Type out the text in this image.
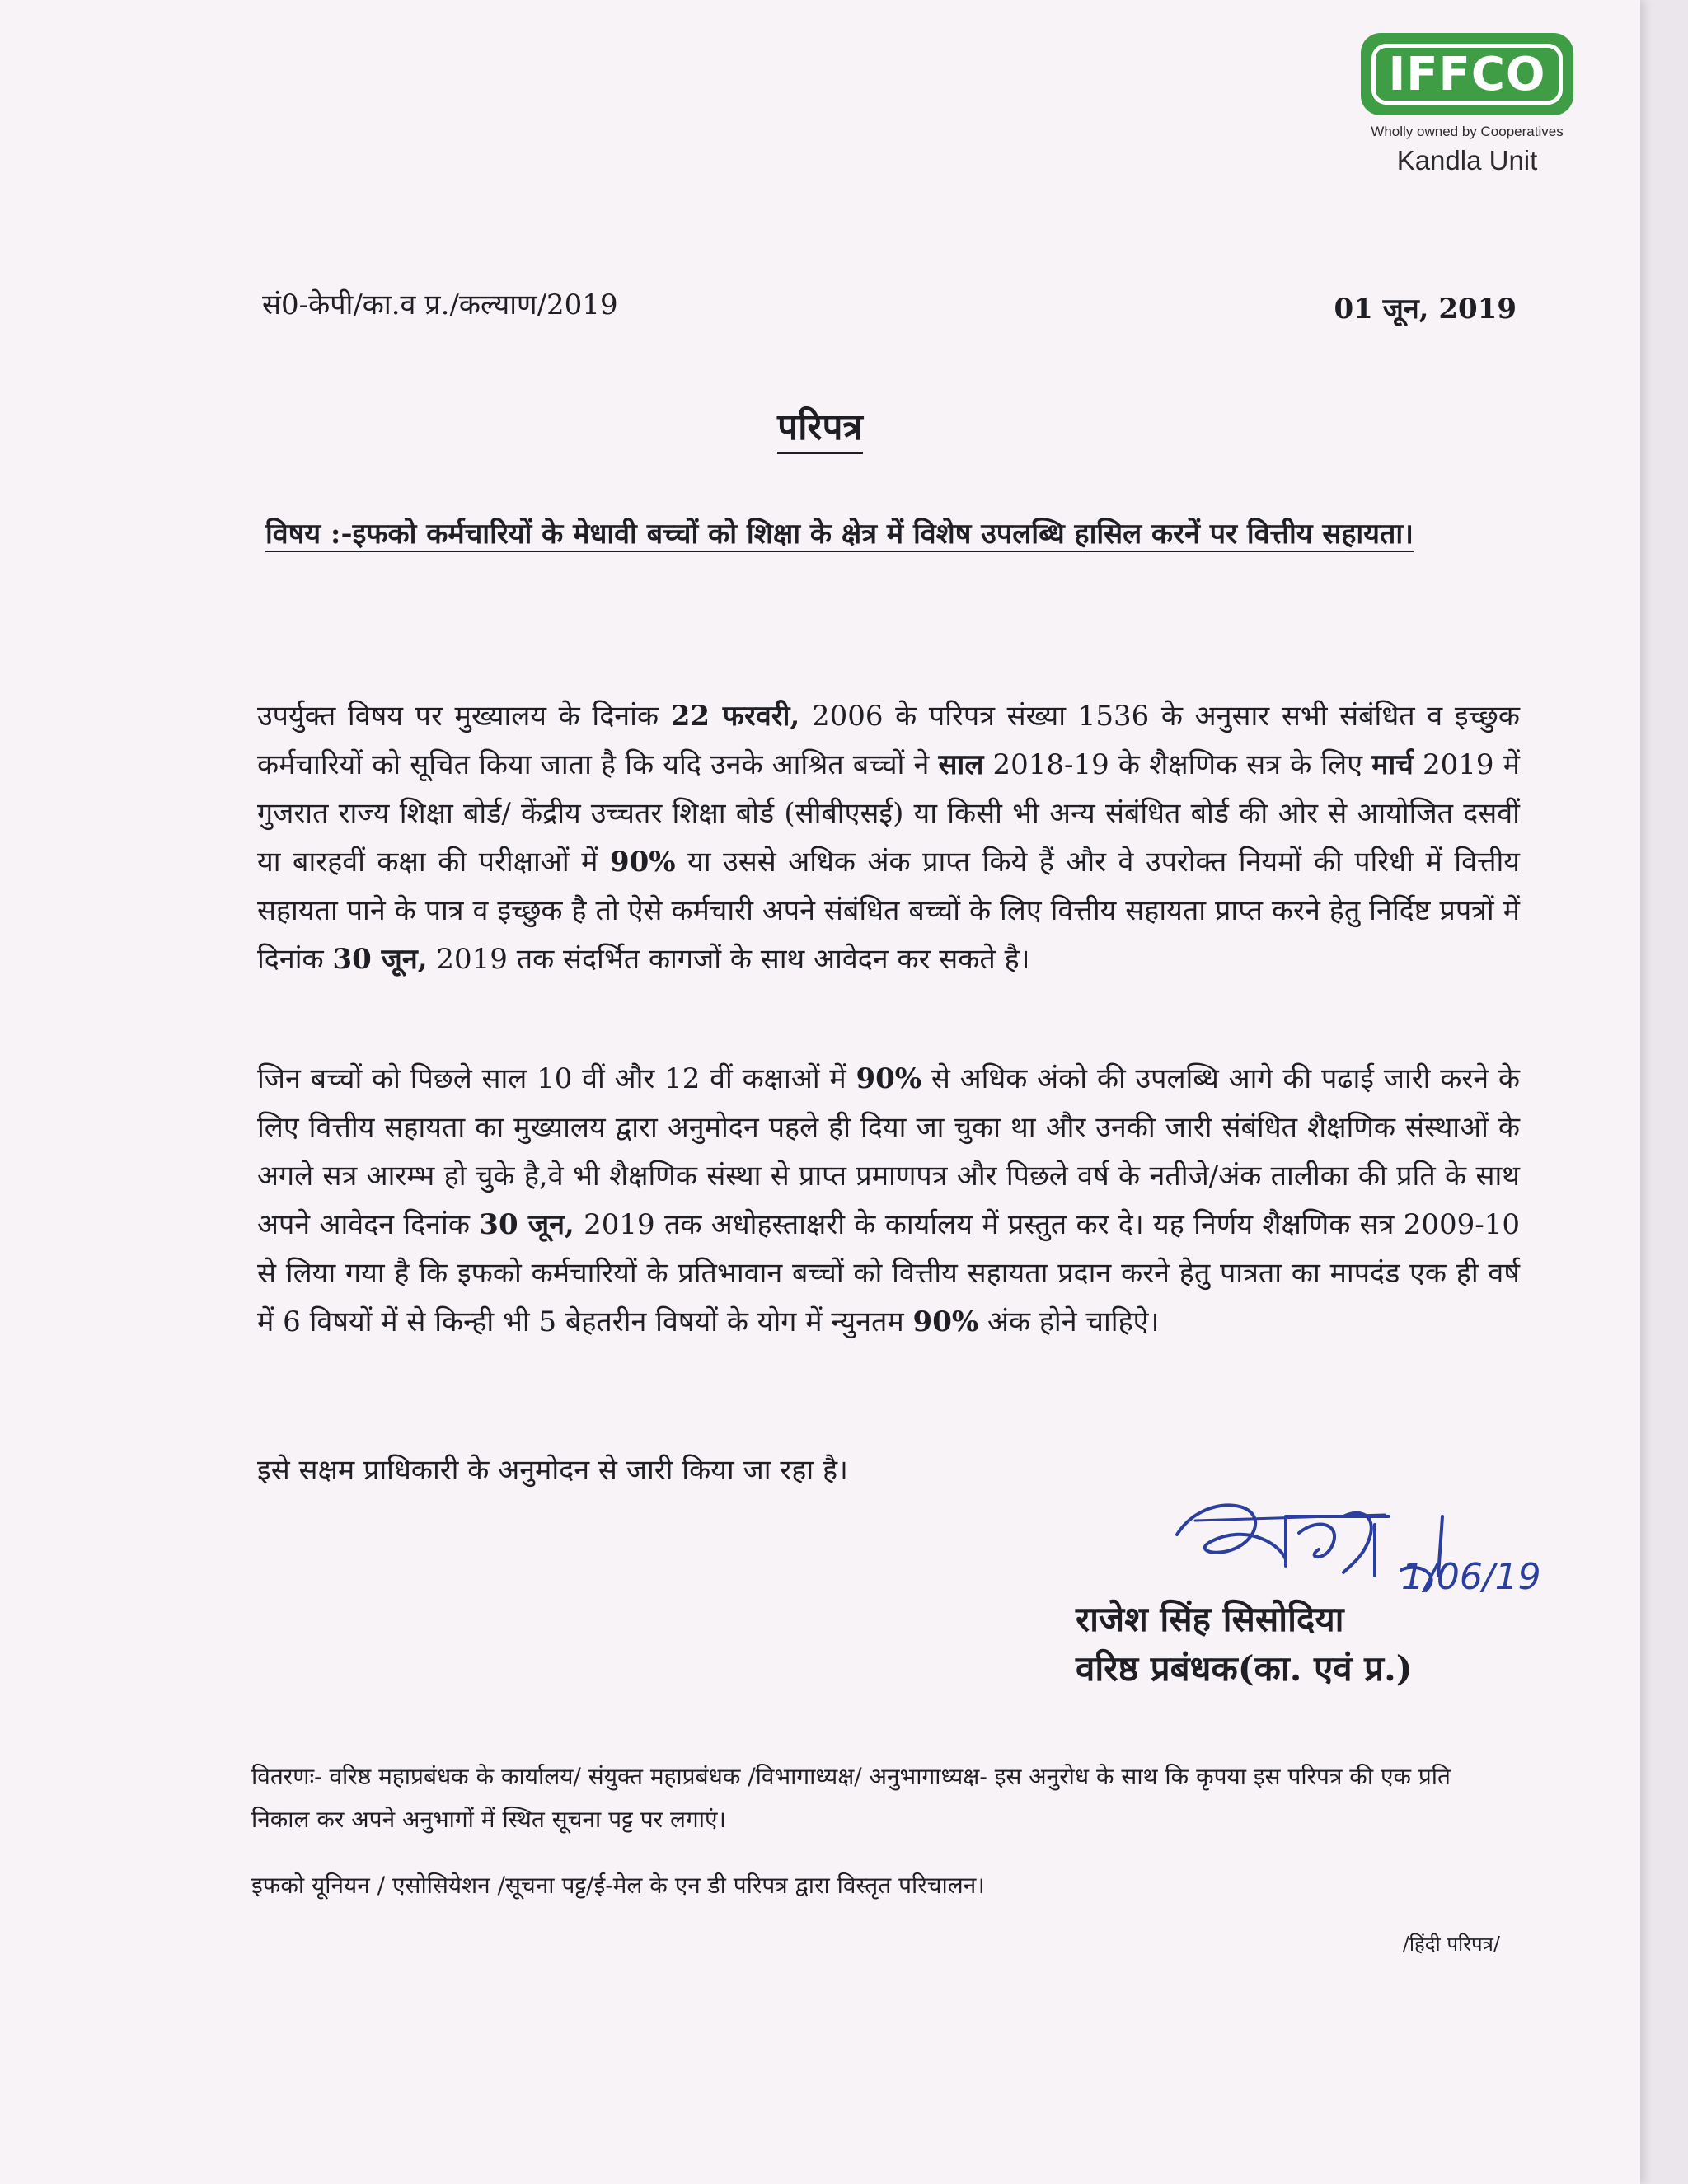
IFFCO
Wholly owned by Cooperatives
Kandla Unit
सं0-केपी/का.व प्र./कल्याण/2019	01 जून, 2019
परिपत्र
विषय :-इफको कर्मचारियों के मेधावी बच्चों को शिक्षा के क्षेत्र में विशेष उपलब्धि हासिल करनें पर वित्तीय सहायता।

उपर्युक्त विषय पर मुख्यालय के दिनांक 22 फरवरी, 2006 के परिपत्र संख्या 1536 के अनुसार सभी संबंधित व इच्छुक कर्मचारियों को सूचित किया जाता है कि यदि उनके आश्रित बच्चों ने साल 2018-19 के शैक्षणिक सत्र के लिए मार्च 2019 में गुजरात राज्य शिक्षा बोर्ड/ केंद्रीय उच्चतर शिक्षा बोर्ड (सीबीएसई) या किसी भी अन्य संबंधित बोर्ड की ओर से आयोजित दसवीं या बारहवीं कक्षा की परीक्षाओं में 90% या उससे अधिक अंक प्राप्त किये हैं और वे उपरोक्त नियमों की परिधी में वित्तीय सहायता पाने के पात्र व इच्छुक है तो ऐसे कर्मचारी अपने संबंधित बच्चों के लिए वित्तीय सहायता प्राप्त करने हेतु निर्दिष्ट प्रपत्रों में दिनांक 30 जून, 2019 तक संदर्भित कागजों के साथ आवेदन कर सकते है।

जिन बच्चों को पिछले साल 10 वीं और 12 वीं कक्षाओं में 90% से अधिक अंको की उपलब्धि आगे की पढाई जारी करने के लिए वित्तीय सहायता का मुख्यालय द्वारा अनुमोदन पहले ही दिया जा चुका था और उनकी जारी संबंधित शैक्षणिक संस्थाओं के अगले सत्र आरम्भ हो चुके है,वे भी शैक्षणिक संस्था से प्राप्त प्रमाणपत्र और पिछले वर्ष के नतीजे/अंक तालीका की प्रति के साथ अपने आवेदन दिनांक 30 जून, 2019 तक अधोहस्ताक्षरी के कार्यालय में प्रस्तुत कर दे। यह निर्णय शैक्षणिक सत्र 2009-10 से लिया गया है कि इफको कर्मचारियों के प्रतिभावान बच्चों को वित्तीय सहायता प्रदान करने हेतु पात्रता का मापदंड एक ही वर्ष में 6 विषयों में से किन्ही भी 5 बेहतरीन विषयों के योग में न्युनतम 90% अंक होने चाहिऐ।

इसे सक्षम प्राधिकारी के अनुमोदन से जारी किया जा रहा है।

1/06/19
राजेश सिंह सिसोदिया
वरिष्ठ प्रबंधक(का. एवं प्र.)

वितरणः- वरिष्ठ महाप्रबंधक के कार्यालय/ संयुक्त महाप्रबंधक /विभागाध्यक्ष/ अनुभागाध्यक्ष- इस अनुरोध के साथ कि कृपया इस परिपत्र की एक प्रति निकाल कर अपने अनुभागों में स्थित सूचना पट्ट पर लगाएं।

इफको यूनियन / एसोसियेशन /सूचना पट्ट/ई-मेल के एन डी परिपत्र द्वारा विस्तृत परिचालन।

/हिंदी परिपत्र/
